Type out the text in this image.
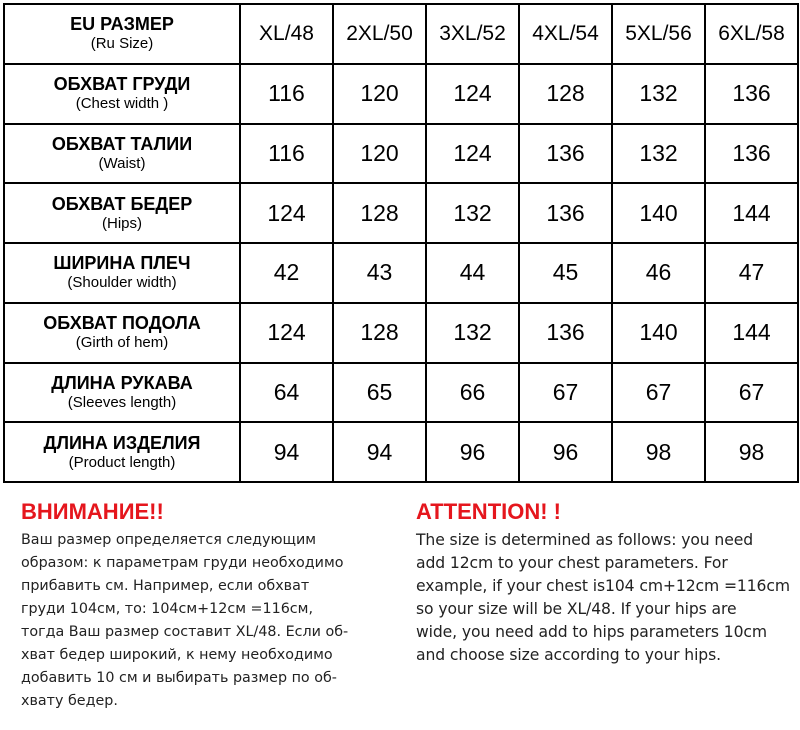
EU РАЗМЕР
(Ru Size)	XL/48	2XL/50	3XL/52	4XL/54	5XL/56	6XL/58

ОБХВАТ ГРУДИ
(Chest width )	116	120	124	128	132	136

ОБХВАТ ТАЛИИ
(Waist)	116	120	124	136	132	136

ОБХВАТ БЕДЕР
(Hips)	124	128	132	136	140	144

ШИРИНА ПЛЕЧ
(Shoulder width)	42	43	44	45	46	47

ОБХВАТ ПОДОЛА
(Girth of hem)	124	128	132	136	140	144

ДЛИНА РУКАВА
(Sleeves length)	64	65	66	67	67	67

ДЛИНА ИЗДЕЛИЯ
(Product length)	94	94	96	96	98	98
ВНИМАНИЕ!!
Ваш размер определяется следующим
образом: к параметрам груди необходимо
прибавить см. Например, если обхват
груди 104см, то: 104см+12см =116см,
тогда Ваш размер составит XL/48. Если об-
хват бедер широкий, к нему необходимо
добавить 10 см и выбирать размер по об-
хвату бедер.
ATTENTION! !
The size is determined as follows: you need
add 12cm to your chest parameters. For
example, if your chest is104 cm+12cm =116cm
so your size will be XL/48. If your hips are
wide, you need add to hips parameters 10cm
and choose size according to your hips.
